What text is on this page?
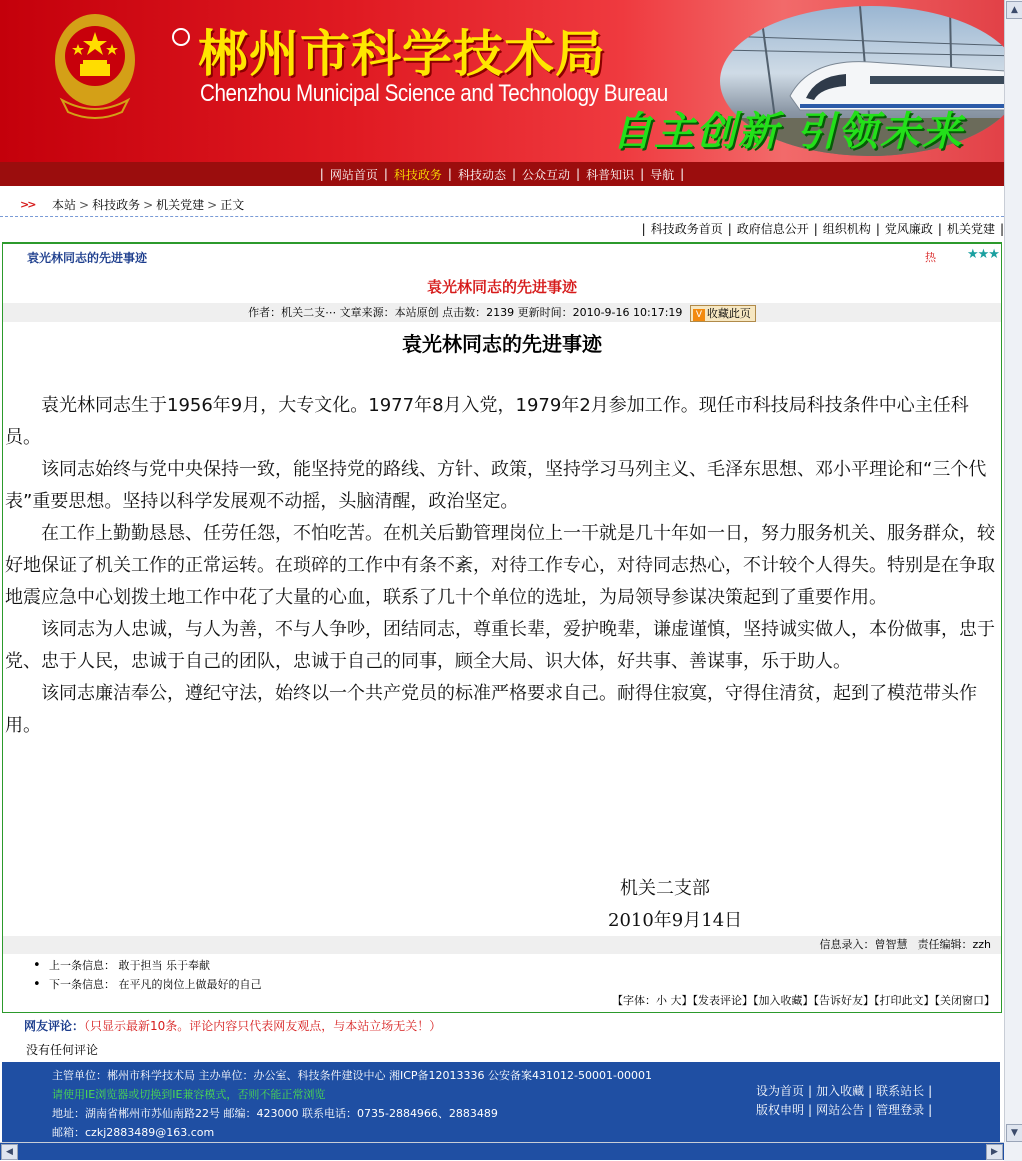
郴州市科学技术局
Chenzhou Municipal Science and Technology Bureau
自主创新 引领未来
| 网站首页 | 科技政务 | 科技动态 | 公众互动 | 科普知识 | 导航 |
>> 本站 > 科技政务 > 机关党建 > 正文
| 科技政务首页 | 政府信息公开 | 组织机构 | 党风廉政 | 机关党建 |
袁光林同志的先进事迹	热 ★★★
袁光林同志的先进事迹
作者：机关二支⋯ 文章来源：本站原创 点击数：2139 更新时间：2010-9-16 10:17:19 V 收藏此页
袁光林同志的先进事迹

袁光林同志生于1956年9月，大专文化。1977年8月入党，1979年2月参加工作。现任市科技局科技条件中心主任科员。

该同志始终与党中央保持一致，能坚持党的路线、方针、政策，坚持学习马列主义、毛泽东思想、邓小平理论和“三个代表”重要思想。坚持以科学发展观不动摇，头脑清醒，政治坚定。

在工作上勤勤恳恳、任劳任怨，不怕吃苦。在机关后勤管理岗位上一干就是几十年如一日，努力服务机关、服务群众，较好地保证了机关工作的正常运转。在琐碎的工作中有条不紊，对待工作专心，对待同志热心，不计较个人得失。特别是在争取地震应急中心划拨土地工作中花了大量的心血，联系了几十个单位的选址，为局领导参谋决策起到了重要作用。

该同志为人忠诚，与人为善，不与人争吵，团结同志，尊重长辈，爱护晚辈，谦虚谨慎，坚持诚实做人，本份做事，忠于党、忠于人民，忠诚于自己的团队，忠诚于自己的同事，顾全大局、识大体，好共事、善谋事，乐于助人。

该同志廉洁奉公，遵纪守法，始终以一个共产党员的标准严格要求自己。耐得住寂寞，守得住清贫，起到了模范带头作用。

机关二支部
2010年9月14日
信息录入：曾智慧 责任编辑：zzh
• 上一条信息： 敢于担当 乐于奉献
• 下一条信息： 在平凡的岗位上做最好的自己
【字体：小 大】【发表评论】【加入收藏】【告诉好友】【打印此文】【关闭窗口】
网友评论：（只显示最新10条。评论内容只代表网友观点，与本站立场无关！）
没有任何评论
主管单位：郴州市科学技术局 主办单位：办公室、科技条件建设中心 湘ICP备12013336 公安备案431012-50001-00001
请使用IE浏览器或切换到IE兼容模式，否则不能正常浏览
地址：湖南省郴州市苏仙南路22号 邮编：423000 联系电话：0735-2884966、2883489
邮箱：czkj2883489@163.com
设为首页 | 加入收藏 | 联系站长 |
版权申明 | 网站公告 | 管理登录 |
▲
▼
◀	▶
